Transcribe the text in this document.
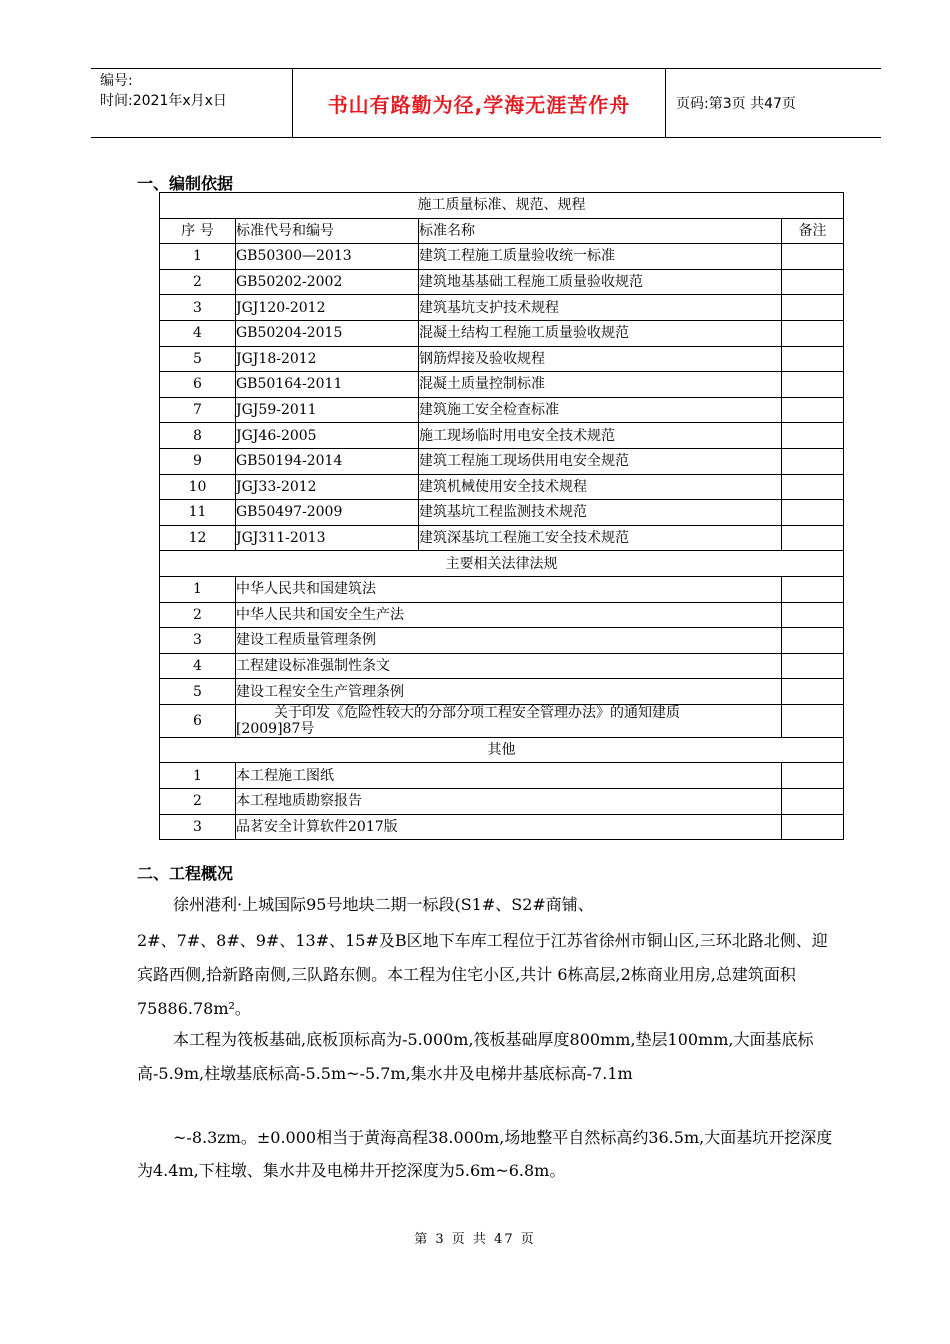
编号:
时间:2021年x月x日	书山有路勤为径,学海无涯苦作舟	页码:第3页 共47页
一、编制依据
施工质量标准、规范、规程			
序 号	标准代号和编号	标准名称	备注
1	GB50300—2013	建筑工程施工质量验收统一标准	
2	GB50202-2002	建筑地基基础工程施工质量验收规范	
3	JGJ120-2012	建筑基坑支护技术规程	
4	GB50204-2015	混凝土结构工程施工质量验收规范	
5	JGJ18-2012	钢筋焊接及验收规程	
6	GB50164-2011	混凝土质量控制标准	
7	JGJ59-2011	建筑施工安全检查标准	
8	JGJ46-2005	施工现场临时用电安全技术规范	
9	GB50194-2014	建筑工程施工现场供用电安全规范	
10	JGJ33-2012	建筑机械使用安全技术规程	
11	GB50497-2009	建筑基坑工程监测技术规范	
12	JGJ311-2013	建筑深基坑工程施工安全技术规范	
主要相关法律法规			
1	中华人民共和国建筑法		
2	中华人民共和国安全生产法		
3	建设工程质量管理条例		
4	工程建设标准强制性条文		
5	建设工程安全生产管理条例		
6	关于印发《危险性较大的分部分项工程安全管理办法》的通知建质
[2009]87号		

其他			
1	本工程施工图纸		
2	本工程地质勘察报告		
3	品茗安全计算软件2017版		
二、工程概况
徐州港利·上城国际95号地块二期一标段(S1#、S2#商铺、
2#、7#、8#、9#、13#、15#及B区地下车库工程位于江苏省徐州市铜山区,三环北路北侧、迎宾路西侧,拾新路南侧,三队路东侧。本工程为住宅小区,共计 6栋高层,2栋商业用房,总建筑面积75886.78m²。
本工程为筏板基础,底板顶标高为-5.000m,筏板基础厚度800mm,垫层100mm,大面基底标高-5.9m,柱墩基底标高-5.5m~-5.7m,集水井及电梯井基底标高-7.1m
~-8.3zm。±0.000相当于黄海高程38.000m,场地整平自然标高约36.5m,大面基坑开挖深度为4.4m,下柱墩、集水井及电梯井开挖深度为5.6m~6.8m。
第 3 页 共 47 页
